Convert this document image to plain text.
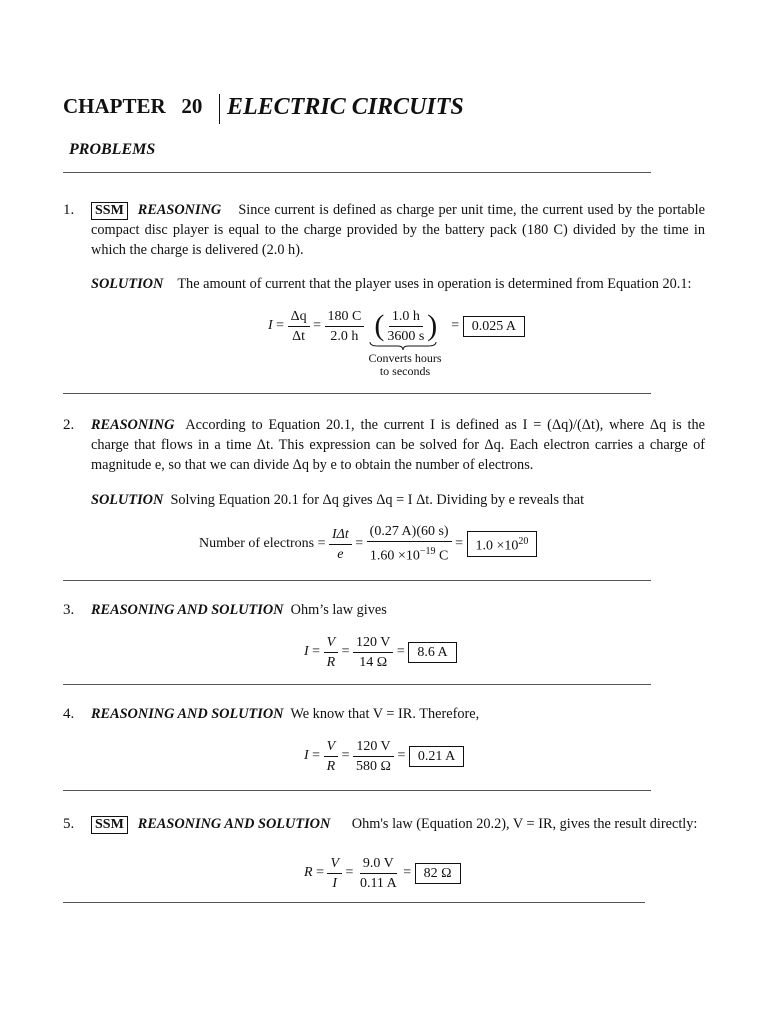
CHAPTER   20 ELECTRIC CIRCUITS
PROBLEMS
1. SSM REASONING Since current is defined as charge per unit time, the current used by the portable compact disc player is equal to the charge provided by the battery pack (180 C) divided by the time in which the charge is delivered (2.0 h).
SOLUTION The amount of current that the player uses in operation is determined from Equation 20.1:
$I = \frac{\Delta q}{\Delta t} = \frac{180 C}{2.0 h}$ ( $\frac{1.0 h}{3600 s}$ ) = 0.025 A
Converts hours
to seconds
2. REASONING According to Equation 20.1, the current I is defined as I = (Δq)/(Δt), where Δq is the charge that flows in a time Δt. This expression can be solved for Δq. Each electron carries a charge of magnitude e, so that we can divide Δq by e to obtain the number of electrons.
SOLUTION Solving Equation 20.1 for Δq gives Δq = I Δt. Dividing by e reveals that
Number of electrons =
$\frac{\text{IΔt}}{e} = \frac{(0.27 A)(60 s)}{1.60 \times 10^{-19} C} = 1.0 \times 10^{20}$
3. REASONING AND SOLUTION Ohm’s law gives
$I = \frac{V}{R} = \frac{120 V}{14 \Omega} = 8.6$ A
4. REASONING AND SOLUTION We know that V = IR. Therefore,
$I = \frac{V}{R} = \frac{120 V}{580 \Omega} = 0.21$ A
5. SSM REASONING AND SOLUTION Ohm's law (Equation 20.2), V = IR, gives the result directly:
$R = \frac{V}{I} = \frac{9.0 V}{0.11 A} = 82$ Ω
